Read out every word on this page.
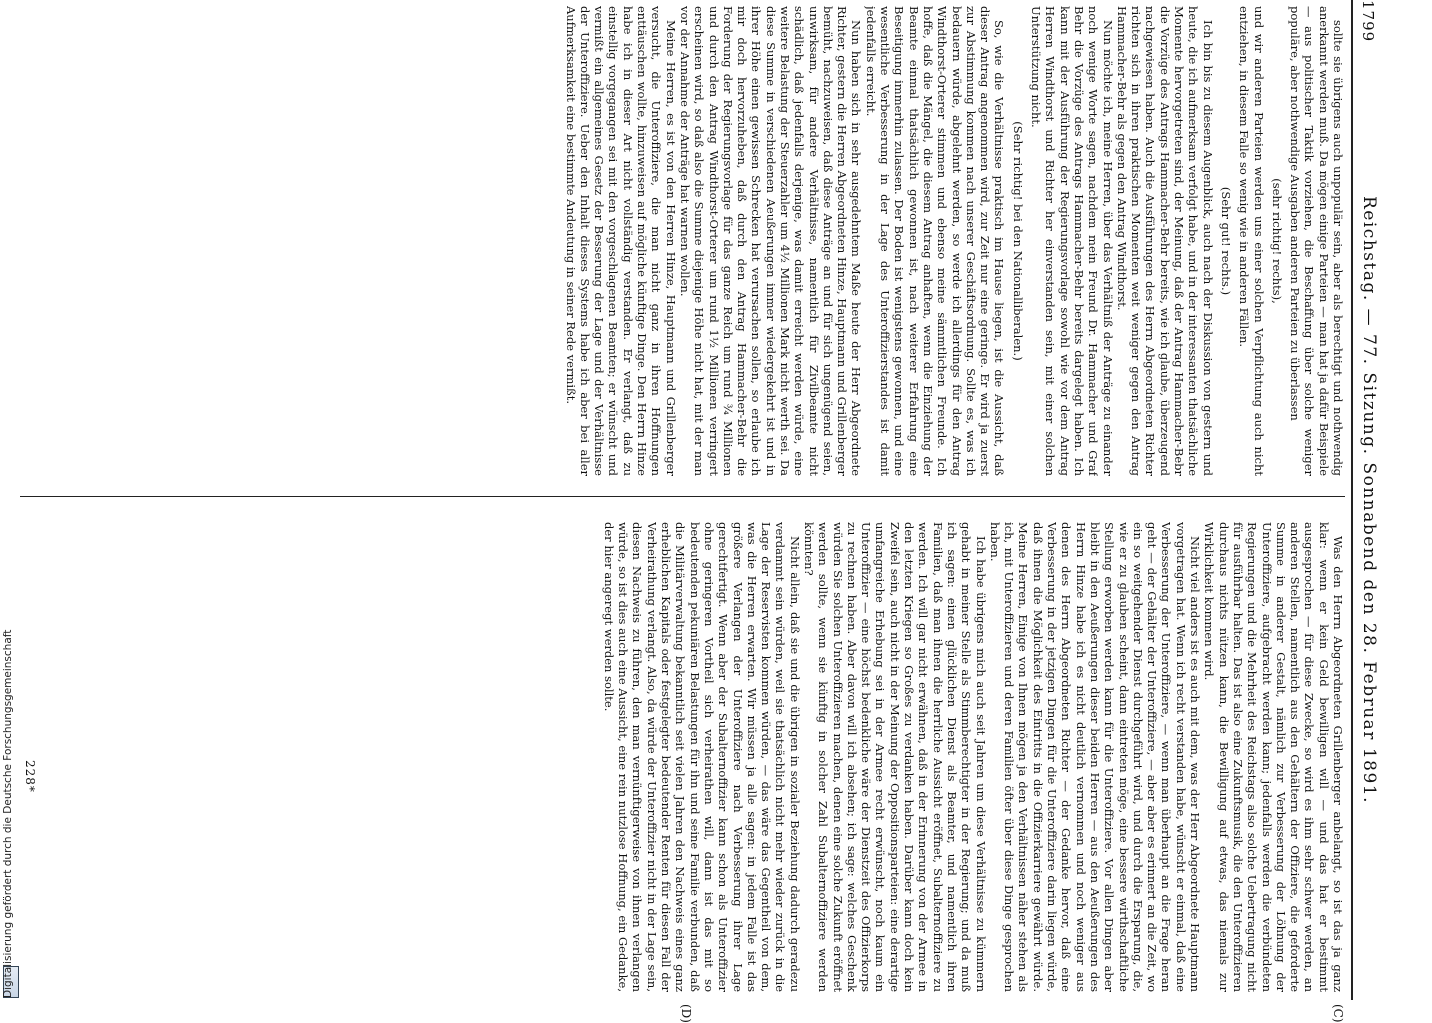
Reichstag. — 77. Sitzung. Sonnabend den 28. Februar 1891.
1799
(C)
(D)

sollte sie übrigens auch unpopulär sein, aber als berechtigt und nothwendig anerkannt werden muß. Da mögen einige Parteien — man hat ja dafür Beispiele — aus politischer Taktik vorziehen, die Beschaffung über solche weniger populäre, aber nothwendige Ausgaben anderen Parteien zu überlassen

(sehr richtig! rechts),

und wir anderen Parteien werden uns einer solchen Verpflichtung auch nicht entziehen, in diesem Falle so wenig wie in anderen Fällen.

(Sehr gut! rechts.)

Ich bin bis zu diesem Augenblick, auch nach der Diskussion von gestern und heute, die ich aufmerksam verfolgt habe, und in der interessanten thatsächliche Momente hervorgetreten sind, der Meinung, daß der Antrag Hammacher-Bebr die Vorzüge des Antrags Hammacher-Behr bereits, wie ich glaube, überzeugend nachgewiesen haben. Auch die Ausführungen des Herrn Abgeordneten Richter richten sich in ihren praktischen Momenten weit weniger gegen den Antrag Hammacher-Behr als gegen den Antrag Windthorst.

Nun möchte ich, meine Herren, über das Verhältniß der Anträge zu einander noch wenige Worte sagen, nachdem mein Freund Dr. Hammacher und Graf Behr die Vorzüge des Antrags Hammacher-Behr bereits dargelegt haben. Ich kann mit der Ausführung der Regierungsvorlage sowohl wie vor dem Antrag Herren Windthorst und Richter her einverstanden sein, mit einer solchen Unterstützung nicht.

(Sehr richtig! bei den Nationalliberalen.)

So, wie die Verhältnisse praktisch im Hause liegen, ist die Aussicht, daß dieser Antrag angenommen wird, zur Zeit nur eine geringe. Er wird ja zuerst zur Abstimmung kommen nach unserer Geschäftsordnung. Sollte es, was ich bedauern würde, abgelehnt werden, so werde ich allerdings für den Antrag Windthorst-Orterer stimmen und ebenso meine sämmtlichen Freunde. Ich hoffe, daß die Mängel, die diesem Antrag anhaften, wenn die Einziehung der Beamte einmal thatsächlich gewonnen ist, nach weiterer Erfahrung eine Beseitigung immerhin zulassen. Der Boden ist wenigstens gewonnen, und eine wesentliche Verbesserung in der Lage des Unteroffizierstandes ist damit jedenfalls erreicht.

Nun haben sich in sehr ausgedehntem Maße heute der Herr Abgeordnete Richter, gestern die Herren Abgeordneten Hinze, Hauptmann und Grillenberger bemüht, nachzuweisen, daß diese Anträge an und für sich ungenügend seien, unwirksam, für andere Verhältnisse, namentlich für Zivilbeamte nicht schädlich, daß jedenfalls derjenige, was damit erreicht werden würde, eine weitere Belastung der Steuerzahler um 4½ Millionen Mark nicht werth sei. Da diese Summe in verschiedenen Aeußerungen immer wiedergekehrt ist und in ihrer Höhe einen gewissen Schrecken hat verursachen sollen, so erlaube ich mir doch hervorzuheben, daß durch den Antrag Hammacher-Behr die Forderung der Regierungsvorlage für das ganze Reich um rund ¾ Millionen und durch den Antrag Windthorst-Orterer um rund 1½ Millionen verringert erscheinen wird, so daß also die Summe diejenige Höhe nicht hat, mit der man vor der Annahme der Anträge hat warnen wollen.

Meine Herren, es ist von den Herren Hinze, Hauptmann und Grillenberger versucht, die Unteroffiziere, die man nicht ganz in ihren Hoffnungen enttäuschen wollte, hinzuweisen auf mögliche künftige Dinge. Den Herrn Hinze habe ich in dieser Art nicht vollständig verstanden. Er verlangt, daß zu einstellig vorgegangen sei mit den vorgeschlagenen Beamten; er wünscht und vermißt ein allgemeines Gesetz der Besserung der Lage und der Verhältnisse der Unteroffiziere. Ueber den Inhalt dieses Systems habe ich aber bei aller Aufmerksamkeit eine bestimmte Andeutung in seiner Rede vermißt.

Was den Herrn Abgeordneten Grillenberger anbelangt, so ist das ja ganz klar: wenn er kein Geld bewilligen will — und das hat er bestimmt ausgesprochen — für diese Zwecke, so wird es ihm sehr schwer werden, an anderen Stellen, namentlich aus den Gehältern der Offiziere, die geforderte Summe in anderer Gestalt, nämlich zur Verbesserung der Löhnung der Unteroffiziere, aufgebracht werden kann; jedenfalls werden die verbündeten Regierungen und die Mehrheit des Reichstags also solche Uebertragung nicht für ausführbar halten. Das ist also eine Zukunftsmusik, die den Unteroffizieren durchaus nichts nützen kann, die Bewilligung auf etwas, das niemals zur Wirklichkeit kommen wird.

Nicht viel anders ist es auch mit dem, was der Herr Abgeordnete Hauptmann vorgetragen hat. Wenn ich recht verstanden habe, wünscht er einmal, daß eine Verbesserung der Unteroffiziere, — wenn man überhaupt an die Frage heran geht — der Gehälter der Unteroffiziere, — aber aber es erinnert an die Zeit, wo ein so weitgehender Dienst durchgeführt wird, und durch die Ersparung, die, wie er zu glauben scheint, dann eintreten möge, eine bessere wirthschaftliche Stellung erworben werden kann für die Unteroffiziere. Vor allen Dingen aber bleibt in den Aeußerungen dieser beiden Herren — aus den Aeußerungen des Herrn Hinze habe ich es nicht deutlich vernommen und noch weniger aus denen des Herrn Abgeordneten Richter — der Gedanke hervor, daß eine Verbesserung in der jetzigen Dingen für die Unteroffiziere darin liegen würde, daß ihnen die Möglichkeit des Eintritts in die Offizierkarriere gewährt würde. Meine Herren, Einige von Ihnen mögen ja den Verhältnissen näher stehen als ich, mit Unteroffizieren und deren Familien öfter über diese Dinge gesprochen haben.

Ich habe übrigens mich auch seit Jahren um diese Verhältnisse zu kümmern gehabt in meiner Stelle als Stimmberechtigter in der Regierung; und da muß ich sagen: einen glücklichen Dienst als Beamter, und namentlich ihren Familien, daß man ihnen die herrliche Aussicht eröffnet, Subalternoffiziere zu werden. Ich will gar nicht erwähnen, daß in der Erinnerung von der Armee in den letzten Kriegen so Großes zu verdanken haben. Darüber kann doch kein Zweifel sein, auch nicht in der Meinung der Oppositionsparteien: eine derartige umfangreiche Erhebung sei in der Armee recht erwünscht, noch kaum ein Unteroffizier — eine höchst bedenkliche wäre der Dienstzeit des Offizierkorps zu rechnen haben. Aber davon will ich absehen; ich sage: welches Geschenk würden Sie solchen Unteroffizieren machen, denen eine solche Zukunft eröffnet werden sollte, wenn sie künftig in solcher Zahl Subalternoffiziere werden könnten?

Nicht allein, daß sie und die übrigen in sozialer Beziehung dadurch geradezu verdammt sein würden, weil sie thatsächlich nicht mehr wieder zurück in die Lage der Reservisten kommen würden, — das wäre das Gegentheil von dem, was die Herren erwarten. Wir müssen ja alle sagen: in jedem Falle ist das größere Verlangen der Unteroffiziere nach Verbesserung ihrer Lage gerechtfertigt. Wenn aber der Subalternoffizier kann schon als Unteroffizier ohne geringeren Vortheil sich verheirathen will, dann ist das mit so bedeutenden pekuniären Belastungen für ihn und seine Familie verbunden, daß die Militärverwaltung bekanntlich seit vielen Jahren den Nachweis eines ganz erheblichen Kapitals oder festgelegter bedeutender Renten für diesen Fall der Verheirathung verlangt. Also, da würde der Unteroffizier nicht in der Lage sein, diesen Nachweis zu führen, den man vernünftigerweise von ihnen verlangen würde, so ist dies auch eine Aussicht, eine rein nutzlose Hoffnung, ein Gedanke, der hier angeregt werden sollte.

228*
Digitalisierung gefördert durch die Deutsche Forschungsgemeinschaft
